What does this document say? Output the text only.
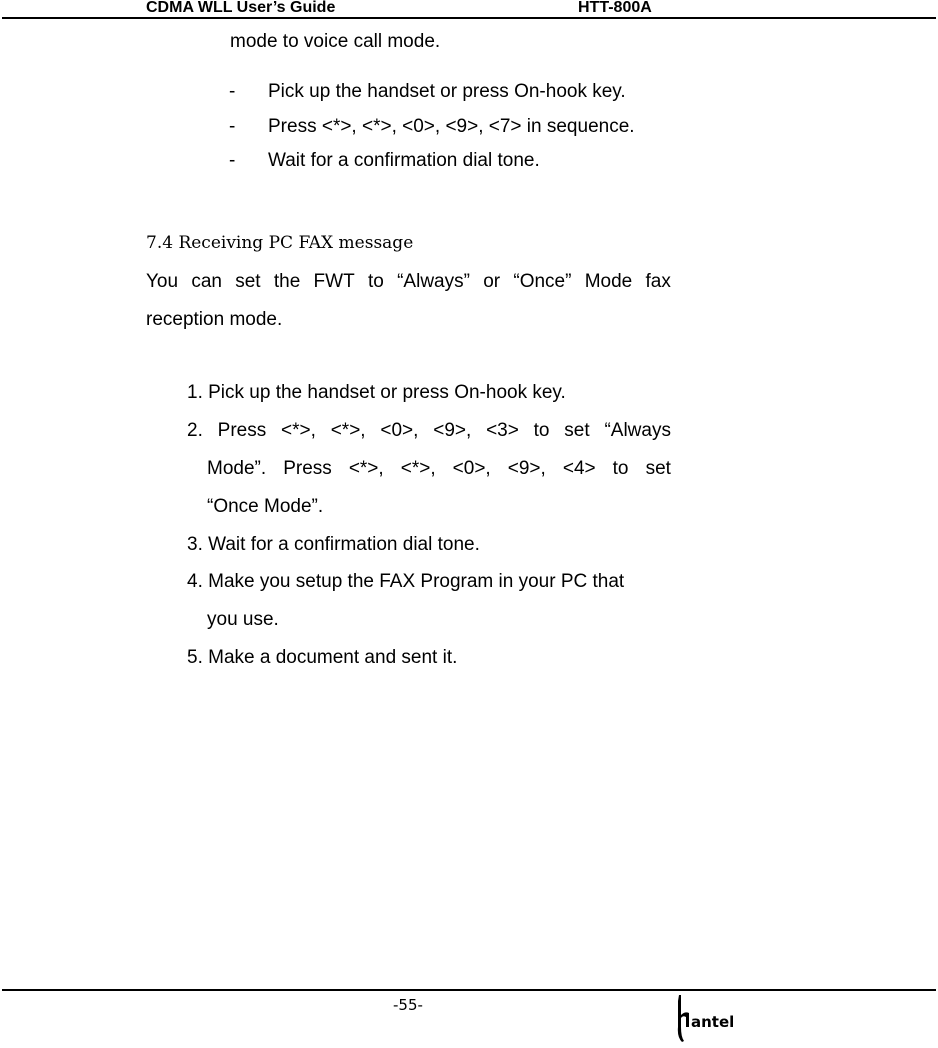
CDMA WLL User’s Guide	HTT-800A
mode to voice call mode.
- Pick up the handset or press On-hook key.
- Press <*>, <*>, <0>, <9>, <7> in sequence.
- Wait for a confirmation dial tone.
7.4 Receiving PC FAX message
You can set the FWT to “Always” or “Once” Mode fax
reception mode.
1. Pick up the handset or press On-hook key.
2. Press <*>, <*>, <0>, <9>, <3> to set “Always
Mode”. Press <*>, <*>, <0>, <9>, <4> to set
“Once Mode”.
3. Wait for a confirmation dial tone.
4. Make you setup the FAX Program in your PC that
you use.
5. Make a document and sent it.
-55-
antel
